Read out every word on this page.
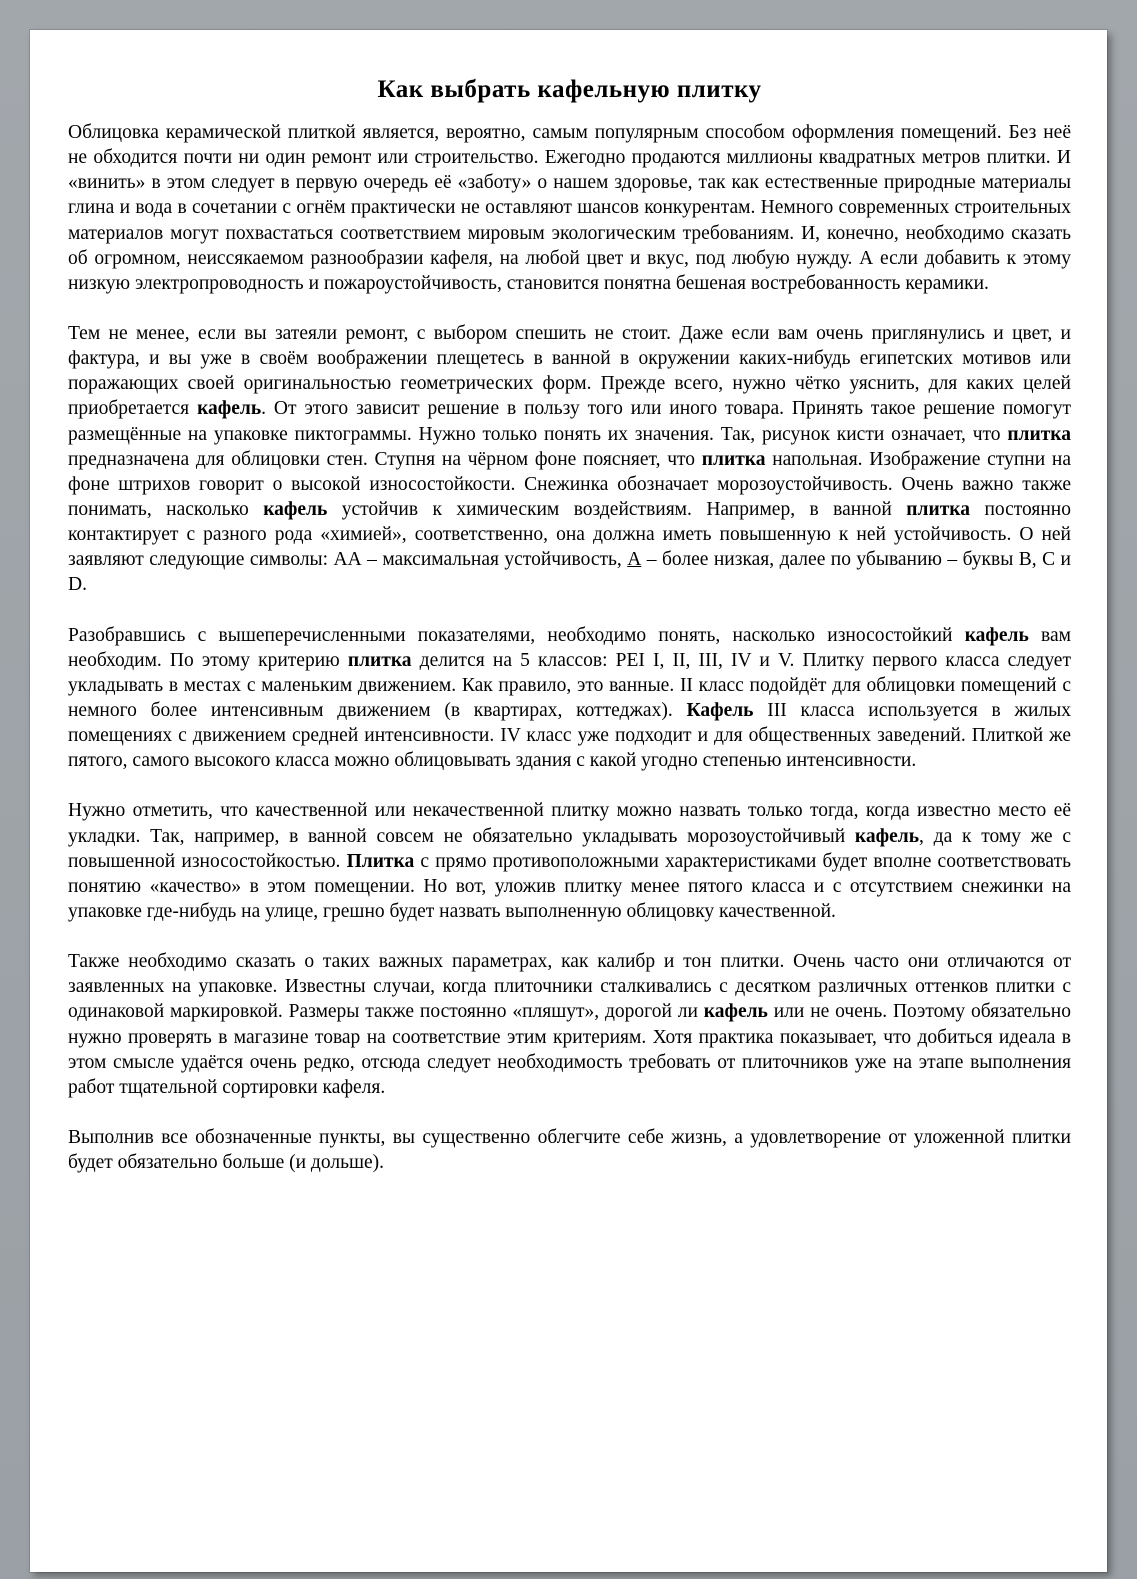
Как выбрать кафельную плитку

Облицовка керамической плиткой является, вероятно, самым популярным способом оформления помещений. Без неё не обходится почти ни один ремонт или строительство. Ежегодно продаются миллионы квадратных метров плитки. И «винить» в этом следует в первую очередь её «заботу» о нашем здоровье, так как естественные природные материалы глина и вода в сочетании с огнём практически не оставляют шансов конкурентам. Немного современных строительных материалов могут похвастаться соответствием мировым экологическим требованиям. И, конечно, необходимо сказать об огромном, неиссякаемом разнообразии кафеля, на любой цвет и вкус, под любую нужду. А если добавить к этому низкую электропроводность и пожароустойчивость, становится понятна бешеная востребованность керамики.

Тем не менее, если вы затеяли ремонт, с выбором спешить не стоит. Даже если вам очень приглянулись и цвет, и фактура, и вы уже в своём воображении плещетесь в ванной в окружении каких-нибудь египетских мотивов или поражающих своей оригинальностью геометрических форм. Прежде всего, нужно чётко уяснить, для каких целей приобретается кафель. От этого зависит решение в пользу того или иного товара. Принять такое решение помогут размещённые на упаковке пиктограммы. Нужно только понять их значения. Так, рисунок кисти означает, что плитка предназначена для облицовки стен. Ступня на чёрном фоне поясняет, что плитка напольная. Изображение ступни на фоне штрихов говорит о высокой износостойкости. Снежинка обозначает морозоустойчивость. Очень важно также понимать, насколько кафель устойчив к химическим воздействиям. Например, в ванной плитка постоянно контактирует с разного рода «химией», соответственно, она должна иметь повышенную к ней устойчивость. О ней заявляют следующие символы: АА – максимальная устойчивость, А – более низкая, далее по убыванию – буквы В, С и D.

Разобравшись с вышеперечисленными показателями, необходимо понять, насколько износостойкий кафель вам необходим. По этому критерию плитка делится на 5 классов: PEI I, II, III, IV и V. Плитку первого класса следует укладывать в местах с маленьким движением. Как правило, это ванные. II класс подойдёт для облицовки помещений с немного более интенсивным движением (в квартирах, коттеджах). Кафель III класса используется в жилых помещениях с движением средней интенсивности. IV класс уже подходит и для общественных заведений. Плиткой же пятого, самого высокого класса можно облицовывать здания с какой угодно степенью интенсивности.

Нужно отметить, что качественной или некачественной плитку можно назвать только тогда, когда известно место её укладки. Так, например, в ванной совсем не обязательно укладывать морозоустойчивый кафель, да к тому же с повышенной износостойкостью. Плитка с прямо противоположными характеристиками будет вполне соответствовать понятию «качество» в этом помещении. Но вот, уложив плитку менее пятого класса и с отсутствием снежинки на упаковке где-нибудь на улице, грешно будет назвать выполненную облицовку качественной.

Также необходимо сказать о таких важных параметрах, как калибр и тон плитки. Очень часто они отличаются от заявленных на упаковке. Известны случаи, когда плиточники сталкивались с десятком различных оттенков плитки с одинаковой маркировкой. Размеры также постоянно «пляшут», дорогой ли кафель или не очень. Поэтому обязательно нужно проверять в магазине товар на соответствие этим критериям. Хотя практика показывает, что добиться идеала в этом смысле удаётся очень редко, отсюда следует необходимость требовать от плиточников уже на этапе выполнения работ тщательной сортировки кафеля.

Выполнив все обозначенные пункты, вы существенно облегчите себе жизнь, а удовлетворение от уложенной плитки будет обязательно больше (и дольше).
